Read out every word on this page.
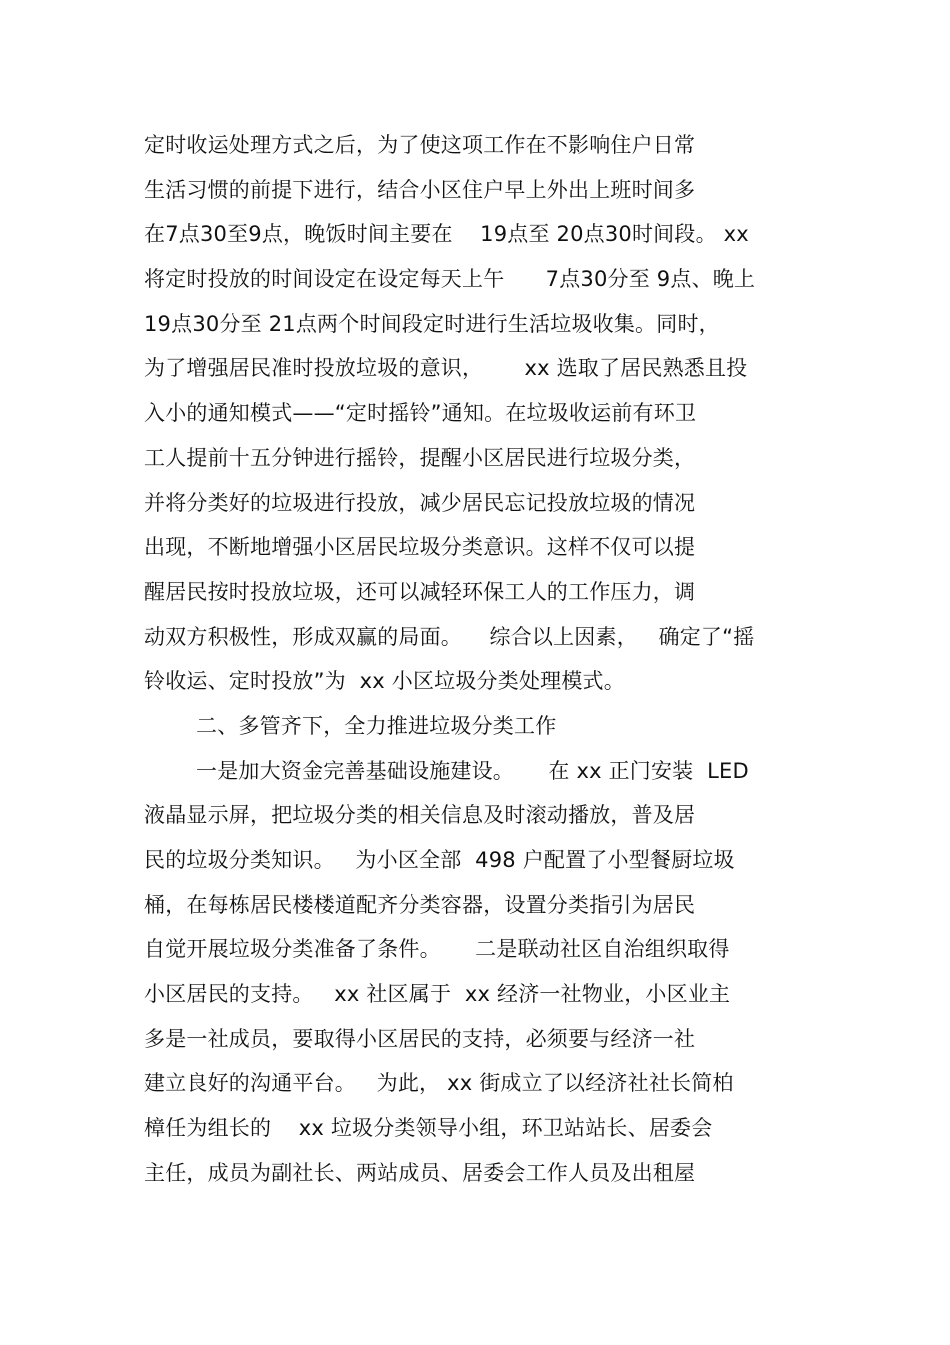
定时收运处理方式之后，为了使这项工作在不影响住户日常
生活习惯的前提下进行，结合小区住户早上外出上班时间多
在7点30至9点，晚饭时间主要在    19点至 20点30时间段。 xx
将定时投放的时间设定在设定每天上午      7点30分至 9点、晚上
19点30分至 21点两个时间段定时进行生活垃圾收集。同时，
为了增强居民准时投放垃圾的意识，      xx 选取了居民熟悉且投
入小的通知模式——“定时摇铃”通知。在垃圾收运前有环卫
工人提前十五分钟进行摇铃，提醒小区居民进行垃圾分类，
并将分类好的垃圾进行投放，减少居民忘记投放垃圾的情况
出现，不断地增强小区居民垃圾分类意识。这样不仅可以提
醒居民按时投放垃圾，还可以减轻环保工人的工作压力，调
动双方积极性，形成双赢的局面。    综合以上因素，   确定了“摇
铃收运、定时投放”为  xx 小区垃圾分类处理模式。
二、多管齐下，全力推进垃圾分类工作
一是加大资金完善基础设施建设。     在 xx 正门安装  LED
液晶显示屏，把垃圾分类的相关信息及时滚动播放，普及居
民的垃圾分类知识。   为小区全部  498 户配置了小型餐厨垃圾
桶，在每栋居民楼楼道配齐分类容器，设置分类指引为居民
自觉开展垃圾分类准备了条件。     二是联动社区自治组织取得
小区居民的支持。   xx 社区属于  xx 经济一社物业，小区业主
多是一社成员，要取得小区居民的支持，必须要与经济一社
建立良好的沟通平台。   为此， xx 街成立了以经济社社长简柏
樟任为组长的    xx 垃圾分类领导小组，环卫站站长、居委会
主任，成员为副社长、两站成员、居委会工作人员及出租屋
